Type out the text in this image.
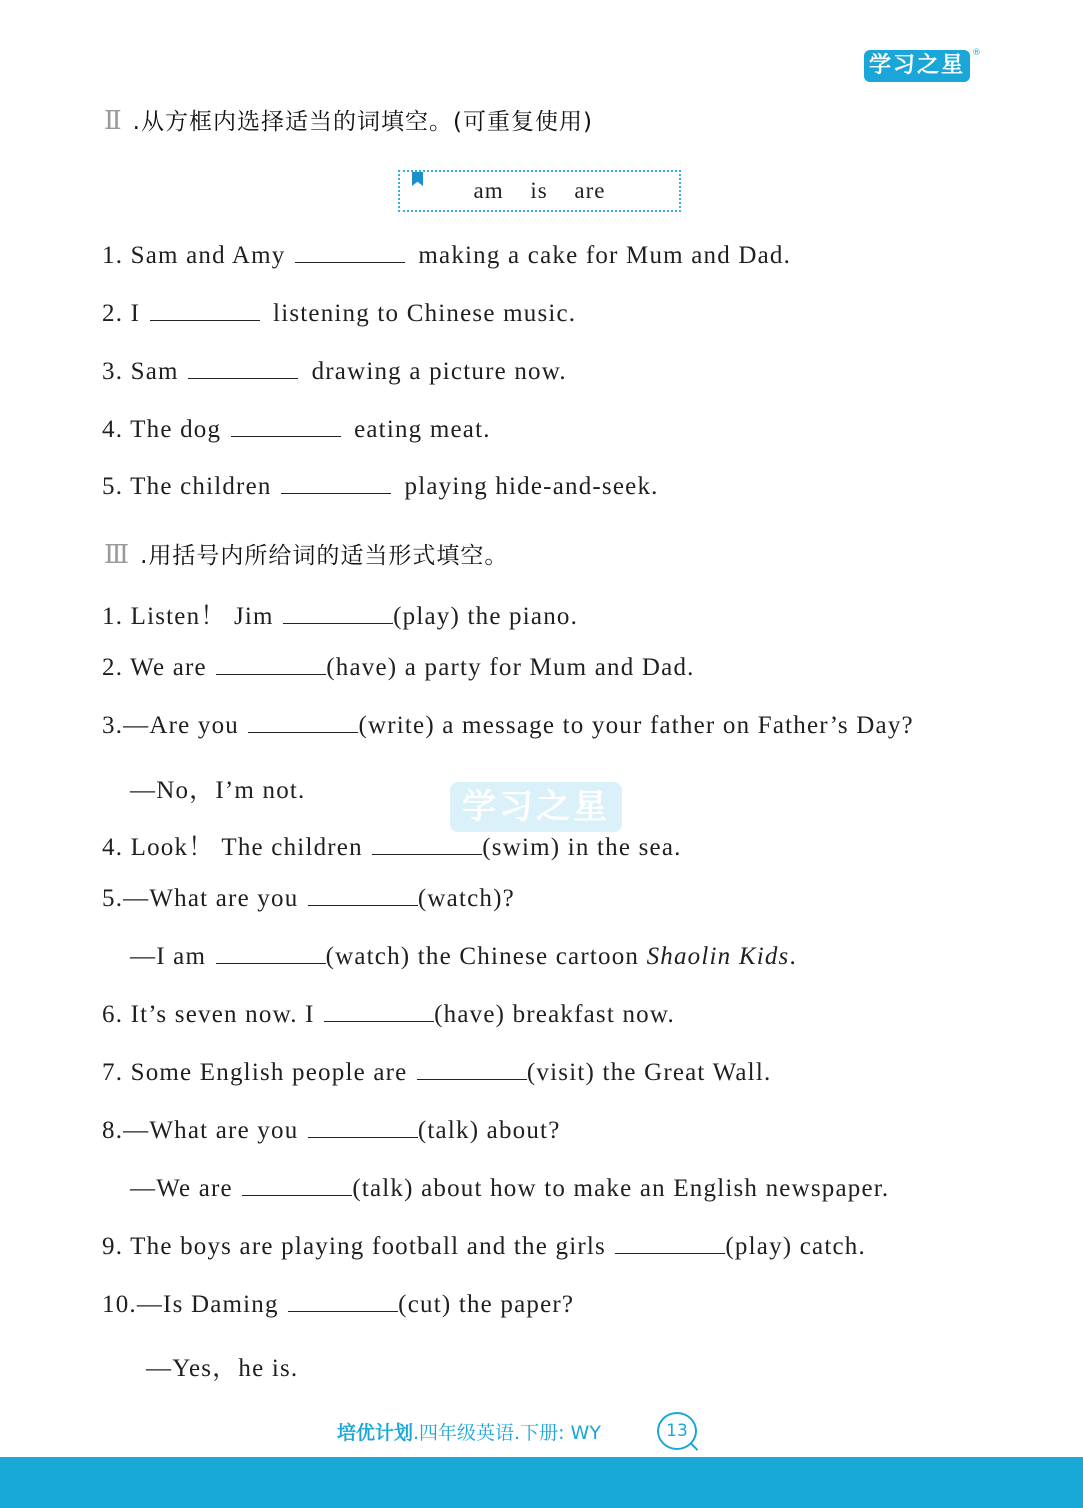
学习之星 ®
学习之星
Ⅱ .从方框内选择适当的词填空。(可重复使用)
am is are
1. Sam and Amy	making a cake for Mum and Dad.
2. I	listening to Chinese music.
3. Sam	drawing a picture now.
4. The dog	eating meat.
5. The children	playing hide-and-seek.
Ⅲ .用括号内所给词的适当形式填空。
1. Listen！ Jim	(play) the piano.
2. We are	(have) a party for Mum and Dad.
3.—Are you	(write) a message to your father on Father’s Day?
—No，I’m not.
4. Look！ The children	(swim) in the sea.
5.—What are you	(watch)?
—I am	(watch) the Chinese cartoon Shaolin Kids.
6. It’s seven now. I	(have) breakfast now.
7. Some English people are	(visit) the Great Wall.
8.—What are you	(talk) about?
—We are	(talk) about how to make an English newspaper.
9. The boys are playing football and the girls	(play) catch.
10.—Is Daming	(cut) the paper?
—Yes，he is.
培优计划.四年级英语.下册: WY	13
